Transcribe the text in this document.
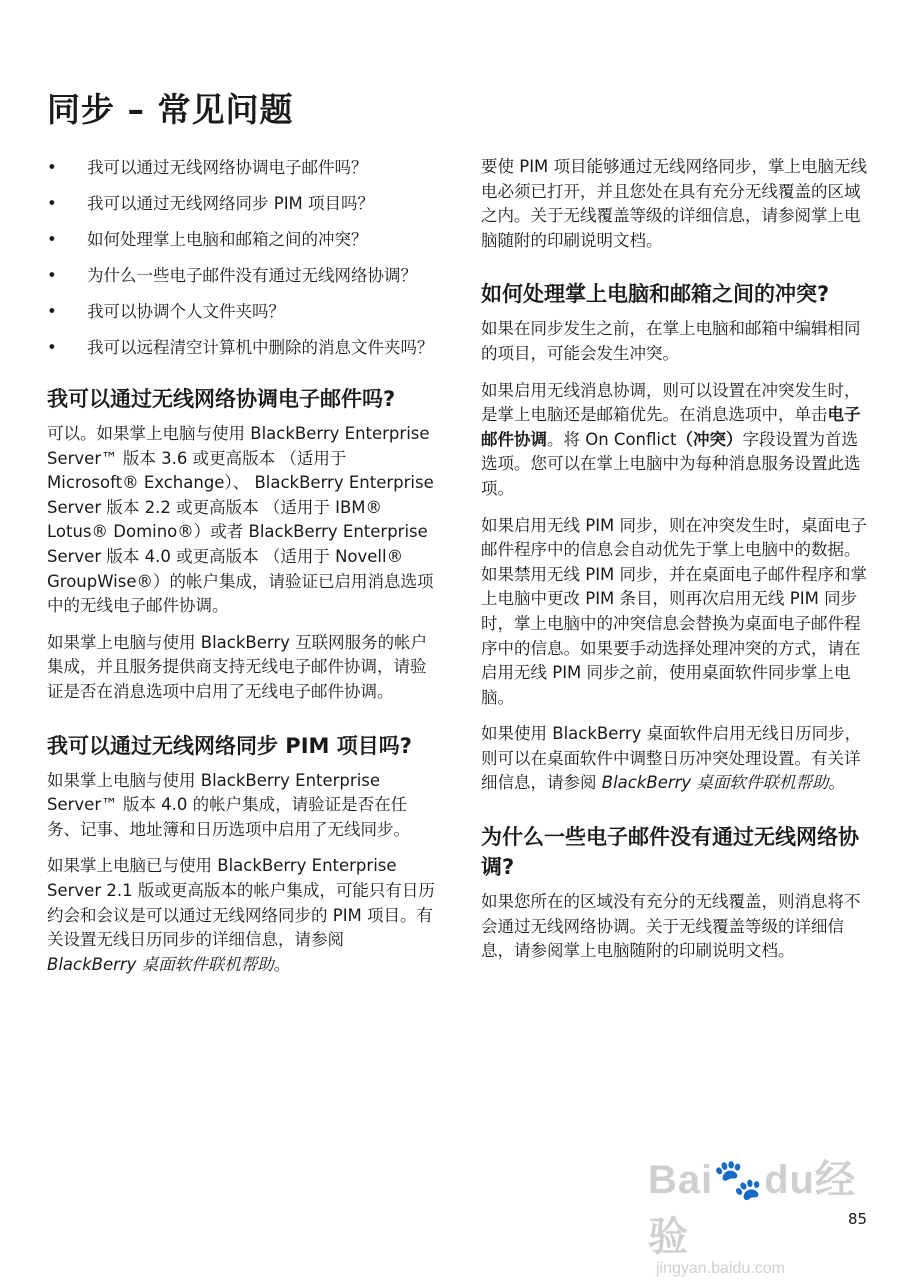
同步 – 常见问题
• 我可以通过无线网络协调电子邮件吗？
• 我可以通过无线网络同步 PIM 项目吗？
• 如何处理掌上电脑和邮箱之间的冲突？
• 为什么一些电子邮件没有通过无线网络协调？
• 我可以协调个人文件夹吗？
• 我可以远程清空计算机中删除的消息文件夹吗？
我可以通过无线网络协调电子邮件吗?

可以。如果掌上电脑与使用 BlackBerry Enterprise Server™ 版本 3.6 或更高版本 （适用于 Microsoft® Exchange）、 BlackBerry Enterprise Server 版本 2.2 或更高版本 （适用于 IBM® Lotus® Domino®）或者 BlackBerry Enterprise Server 版本 4.0 或更高版本 （适用于 Novell® GroupWise®）的帐户集成，请验证已启用消息选项中的无线电子邮件协调。

如果掌上电脑与使用 BlackBerry 互联网服务的帐户集成，并且服务提供商支持无线电子邮件协调，请验证是否在消息选项中启用了无线电子邮件协调。

我可以通过无线网络同步 PIM 项目吗?

如果掌上电脑与使用 BlackBerry Enterprise Server™ 版本 4.0 的帐户集成，请验证是否在任务、记事、地址簿和日历选项中启用了无线同步。

如果掌上电脑已与使用 BlackBerry Enterprise Server 2.1 版或更高版本的帐户集成，可能只有日历约会和会议是可以通过无线网络同步的 PIM 项目。有关设置无线日历同步的详细信息，请参阅 BlackBerry 桌面软件联机帮助。

要使 PIM 项目能够通过无线网络同步，掌上电脑无线电必须已打开，并且您处在具有充分无线覆盖的区域之内。关于无线覆盖等级的详细信息，请参阅掌上电脑随附的印刷说明文档。

如何处理掌上电脑和邮箱之间的冲突?

如果在同步发生之前，在掌上电脑和邮箱中编辑相同的项目，可能会发生冲突。

如果启用无线消息协调，则可以设置在冲突发生时，是掌上电脑还是邮箱优先。在消息选项中，单击电子邮件协调。将 On Conflict（冲突）字段设置为首选选项。您可以在掌上电脑中为每种消息服务设置此选项。

如果启用无线 PIM 同步，则在冲突发生时，桌面电子邮件程序中的信息会自动优先于掌上电脑中的数据。如果禁用无线 PIM 同步，并在桌面电子邮件程序和掌上电脑中更改 PIM 条目，则再次启用无线 PIM 同步时，掌上电脑中的冲突信息会替换为桌面电子邮件程序中的信息。如果要手动选择处理冲突的方式，请在启用无线 PIM 同步之前，使用桌面软件同步掌上电脑。

如果使用 BlackBerry 桌面软件启用无线日历同步，则可以在桌面软件中调整日历冲突处理设置。有关详细信息，请参阅 BlackBerry 桌面软件联机帮助。

为什么一些电子邮件没有通过无线网络协调?

如果您所在的区域没有充分的无线覆盖，则消息将不会通过无线网络协调。关于无线覆盖等级的详细信息，请参阅掌上电脑随附的印刷说明文档。

Bai🐾du经验
jingyan.baidu.com
85
